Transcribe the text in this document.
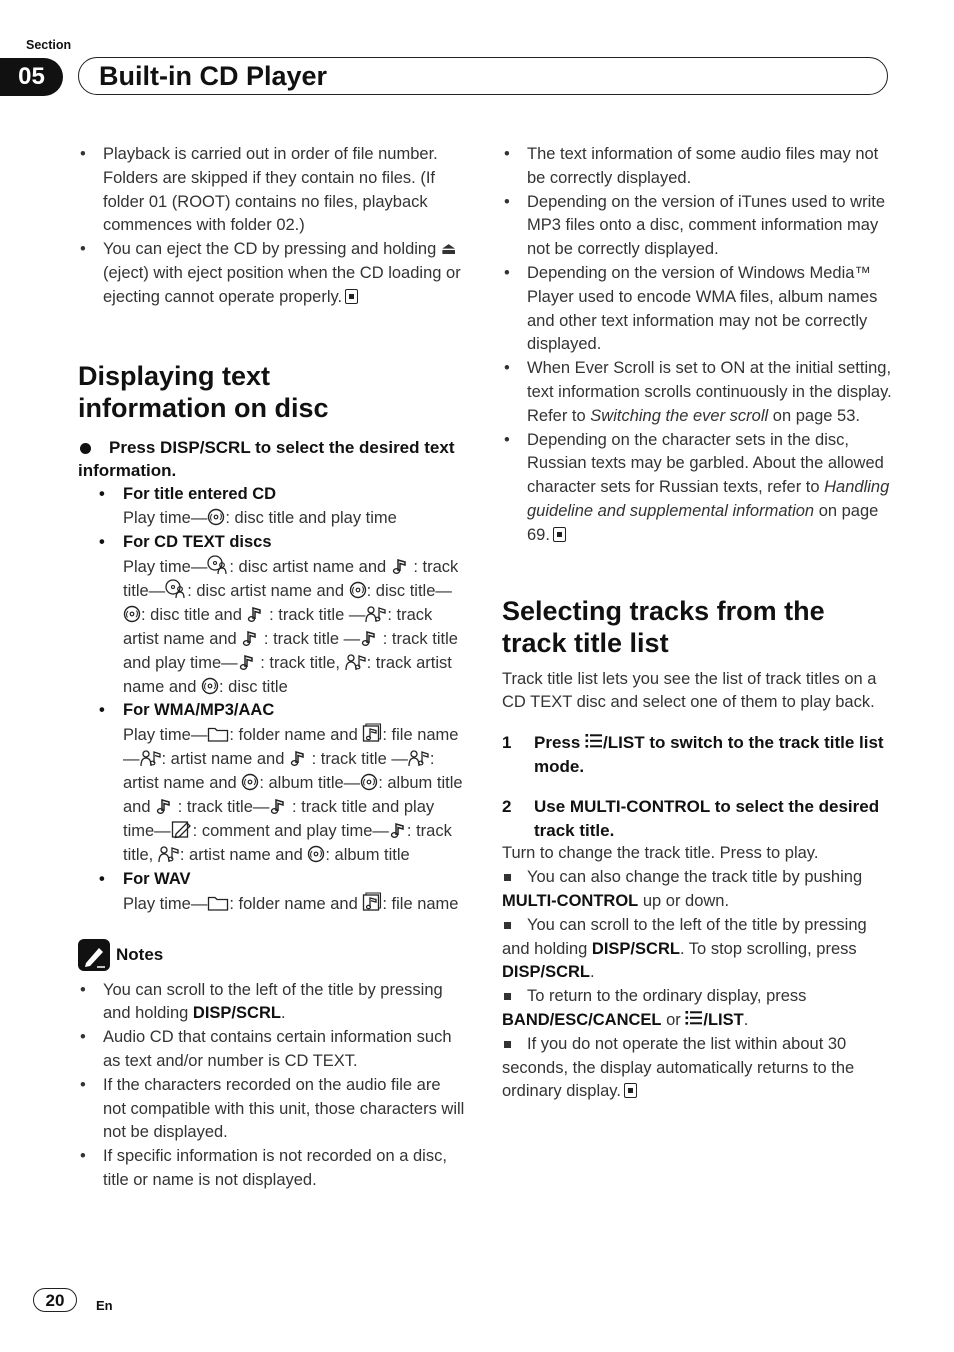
Section
05	Built-in CD Player
• Playback is carried out in order of file number. Folders are skipped if they contain no files. (If folder 01 (ROOT) contains no files, playback commences with folder 02.)
• You can eject the CD by pressing and holding ⏏ (eject) with eject position when the CD loading or ejecting cannot operate properly.
Displaying text information on disc
Press DISP/SCRL to select the desired text information.
• For title entered CD
Play time— : disc title and play time
• For CD TEXT discs
Play time— : disc artist name and  : track title— : disc artist name and : disc title—: disc title and  : track title — : track artist name and  : track title — : track title and play time— : track title, : track artist name and : disc title
• For WMA/MP3/AAC
Play time— : folder name and : file name— : artist name and  : track title — : artist name and : album title— : album title and  : track title— : track title and play time— : comment and play time— : track title, : artist name and : album title
• For WAV
Play time— : folder name and : file name
Notes
• You can scroll to the left of the title by pressing and holding DISP/SCRL.
• Audio CD that contains certain information such as text and/or number is CD TEXT.
• If the characters recorded on the audio file are not compatible with this unit, those characters will not be displayed.
• If specific information is not recorded on a disc, title or name is not displayed.
• The text information of some audio files may not be correctly displayed.
• Depending on the version of iTunes used to write MP3 files onto a disc, comment information may not be correctly displayed.
• Depending on the version of Windows Media™ Player used to encode WMA files, album names and other text information may not be correctly displayed.
• When Ever Scroll is set to ON at the initial setting, text information scrolls continuously in the display. Refer to Switching the ever scroll on page 53.
• Depending on the character sets in the disc, Russian texts may be garbled. About the allowed character sets for Russian texts, refer to Handling guideline and supplemental information on page 69.
Selecting tracks from the track title list

Track title list lets you see the list of track titles on a CD TEXT disc and select one of them to play back.

1 Press /LIST to switch to the track title list mode.
2 Use MULTI-CONTROL to select the desired track title.

Turn to change the track title. Press to play.

You can also change the track title by pushing MULTI-CONTROL up or down.
You can scroll to the left of the title by pressing and holding DISP/SCRL. To stop scrolling, press DISP/SCRL.
To return to the ordinary display, press BAND/ESC/CANCEL or /LIST.
If you do not operate the list within about 30 seconds, the display automatically returns to the ordinary display.
20	En
